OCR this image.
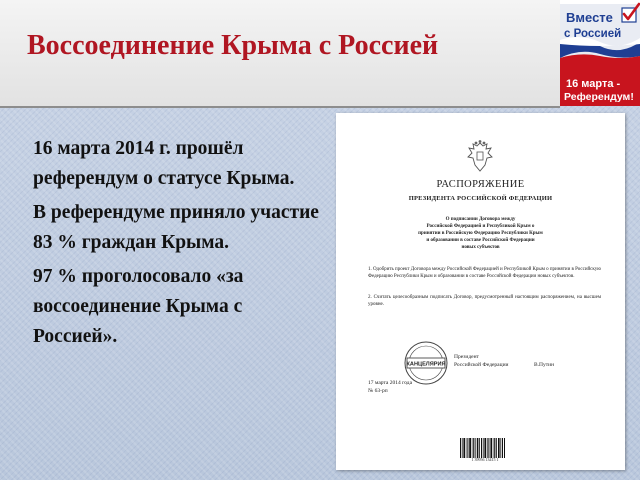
Воссоединение Крыма с Россией
Вместе
с Россией
16 марта -
Референдум!

16 марта 2014 г. прошёл референдум о статусе Крыма.

В референдуме приняло участие 83 % граждан Крыма.

97 % проголосовало «за воссоединение Крыма с Россией».

РАСПОРЯЖЕНИЕ

ПРЕЗИДЕНТА РОССИЙСКОЙ ФЕДЕРАЦИИ

О подписании Договора между
Российской Федерацией и Республикой Крым о
принятии в Российскую Федерацию Республики Крым
и образовании в составе Российской Федерации
новых субъектов
1. Одобрить проект Договора между Российской Федерацией и Республикой Крым о принятии в Российскую Федерацию Республики Крым и образовании в составе Российской Федерации новых субъектов.
2. Считать целесообразным подписать Договор, предусмотренный настоящим распоряжением, на высшем уровне.
КАНЦЕЛЯРИЯ
Президент
Российской Федерации	В.Путин
17 марта 2014 года
№ 63-рп
1 39956 13415 1
